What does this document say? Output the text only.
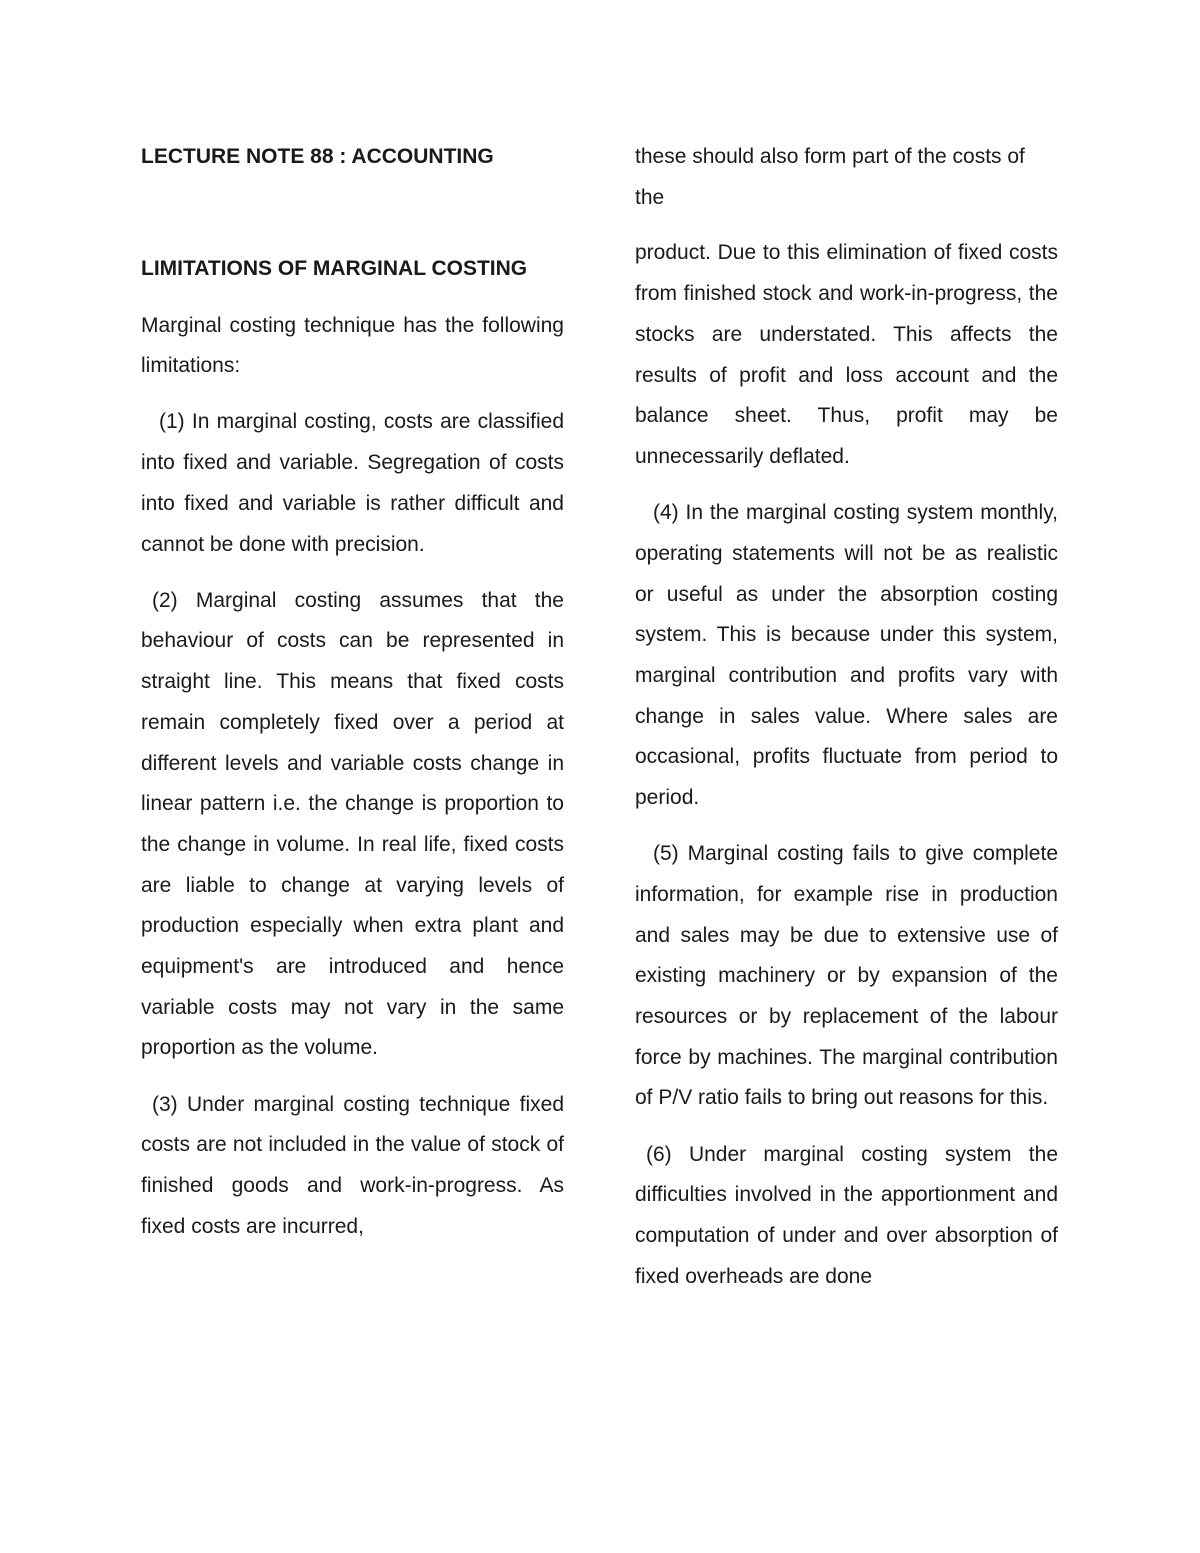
LECTURE NOTE 88 : ACCOUNTING
LIMITATIONS OF MARGINAL COSTING

Marginal costing technique has the following limitations:

(1) In marginal costing, costs are classified into fixed and variable. Segregation of costs into fixed and variable is rather difficult and cannot be done with precision.

(2) Marginal costing assumes that the behaviour of costs can be represented in straight line. This means that fixed costs remain completely fixed over a period at different levels and variable costs change in linear pattern i.e. the change is proportion to the change in volume. In real life, fixed costs are liable to change at varying levels of production especially when extra plant and equipment's are introduced and hence variable costs may not vary in the same proportion as the volume.

(3) Under marginal costing technique fixed costs are not included in the value of stock of finished goods and work-in-progress. As fixed costs are incurred,

these should also form part of the costs of the

product. Due to this elimination of fixed costs from finished stock and work-in-progress, the stocks are understated. This affects the results of profit and loss account and the balance sheet. Thus, profit may be unnecessarily deflated.

(4) In the marginal costing system monthly, operating statements will not be as realistic or useful as under the absorption costing system. This is because under this system, marginal contribution and profits vary with change in sales value. Where sales are occasional, profits fluctuate from period to period.

(5) Marginal costing fails to give complete information, for example rise in production and sales may be due to extensive use of existing machinery or by expansion of the resources or by replacement of the labour force by machines. The marginal contribution of P/V ratio fails to bring out reasons for this.

(6) Under marginal costing system the difficulties involved in the apportionment and computation of under and over absorption of fixed overheads are done
